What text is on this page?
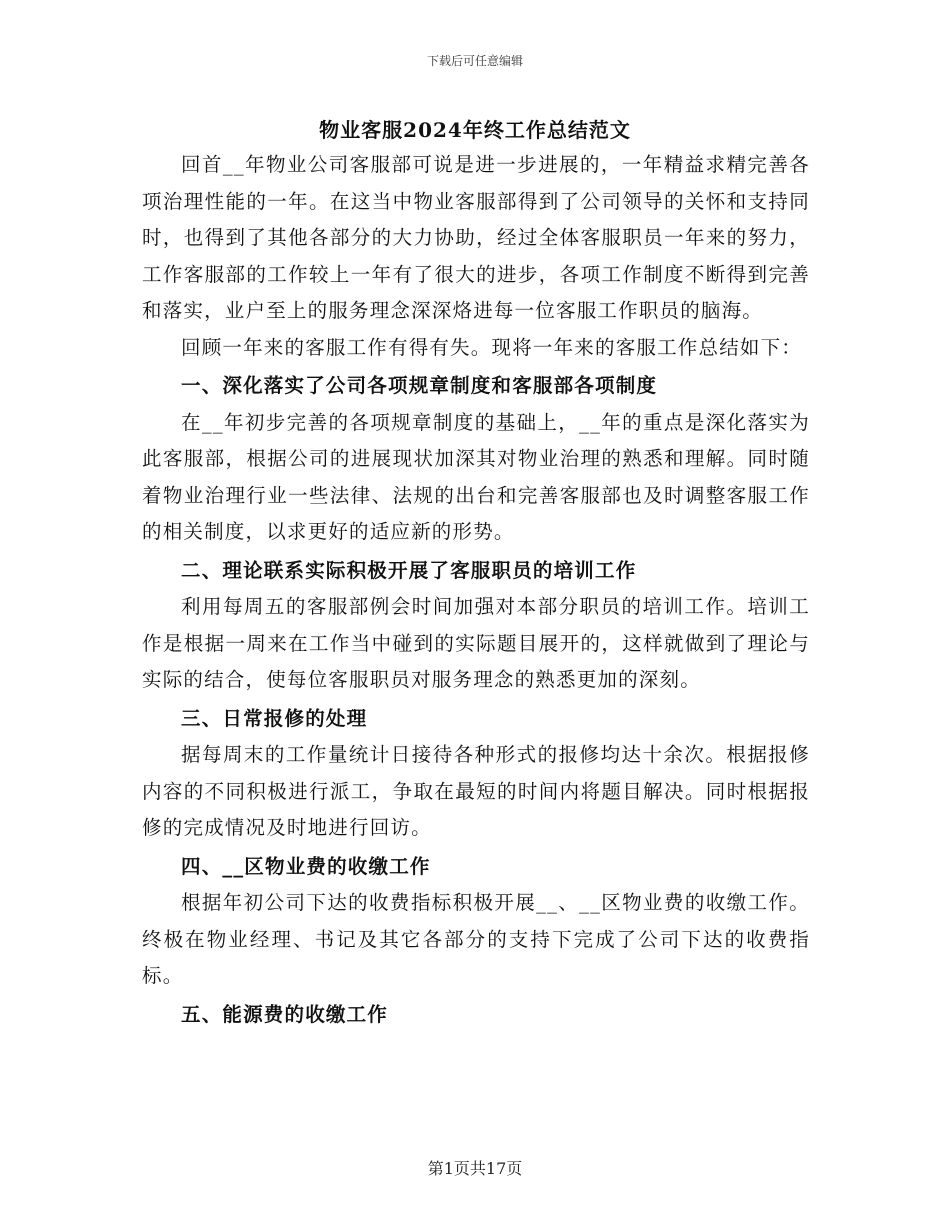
下载后可任意编辑
物业客服2024年终工作总结范文

回首__年物业公司客服部可说是进一步进展的，一年精益求精完善各项治理性能的一年。在这当中物业客服部得到了公司领导的关怀和支持同时，也得到了其他各部分的大力协助，经过全体客服职员一年来的努力，工作客服部的工作较上一年有了很大的进步，各项工作制度不断得到完善和落实，业户至上的服务理念深深烙进每一位客服工作职员的脑海。

回顾一年来的客服工作有得有失。现将一年来的客服工作总结如下：

一、深化落实了公司各项规章制度和客服部各项制度

在__年初步完善的各项规章制度的基础上，__年的重点是深化落实为此客服部，根据公司的进展现状加深其对物业治理的熟悉和理解。同时随着物业治理行业一些法律、法规的出台和完善客服部也及时调整客服工作的相关制度，以求更好的适应新的形势。

二、理论联系实际积极开展了客服职员的培训工作

利用每周五的客服部例会时间加强对本部分职员的培训工作。培训工作是根据一周来在工作当中碰到的实际题目展开的，这样就做到了理论与实际的结合，使每位客服职员对服务理念的熟悉更加的深刻。

三、日常报修的处理

据每周末的工作量统计日接待各种形式的报修均达十余次。根据报修内容的不同积极进行派工，争取在最短的时间内将题目解决。同时根据报修的完成情况及时地进行回访。

四、__区物业费的收缴工作

根据年初公司下达的收费指标积极开展__、__区物业费的收缴工作。终极在物业经理、书记及其它各部分的支持下完成了公司下达的收费指标。

五、能源费的收缴工作

第1页共17页
